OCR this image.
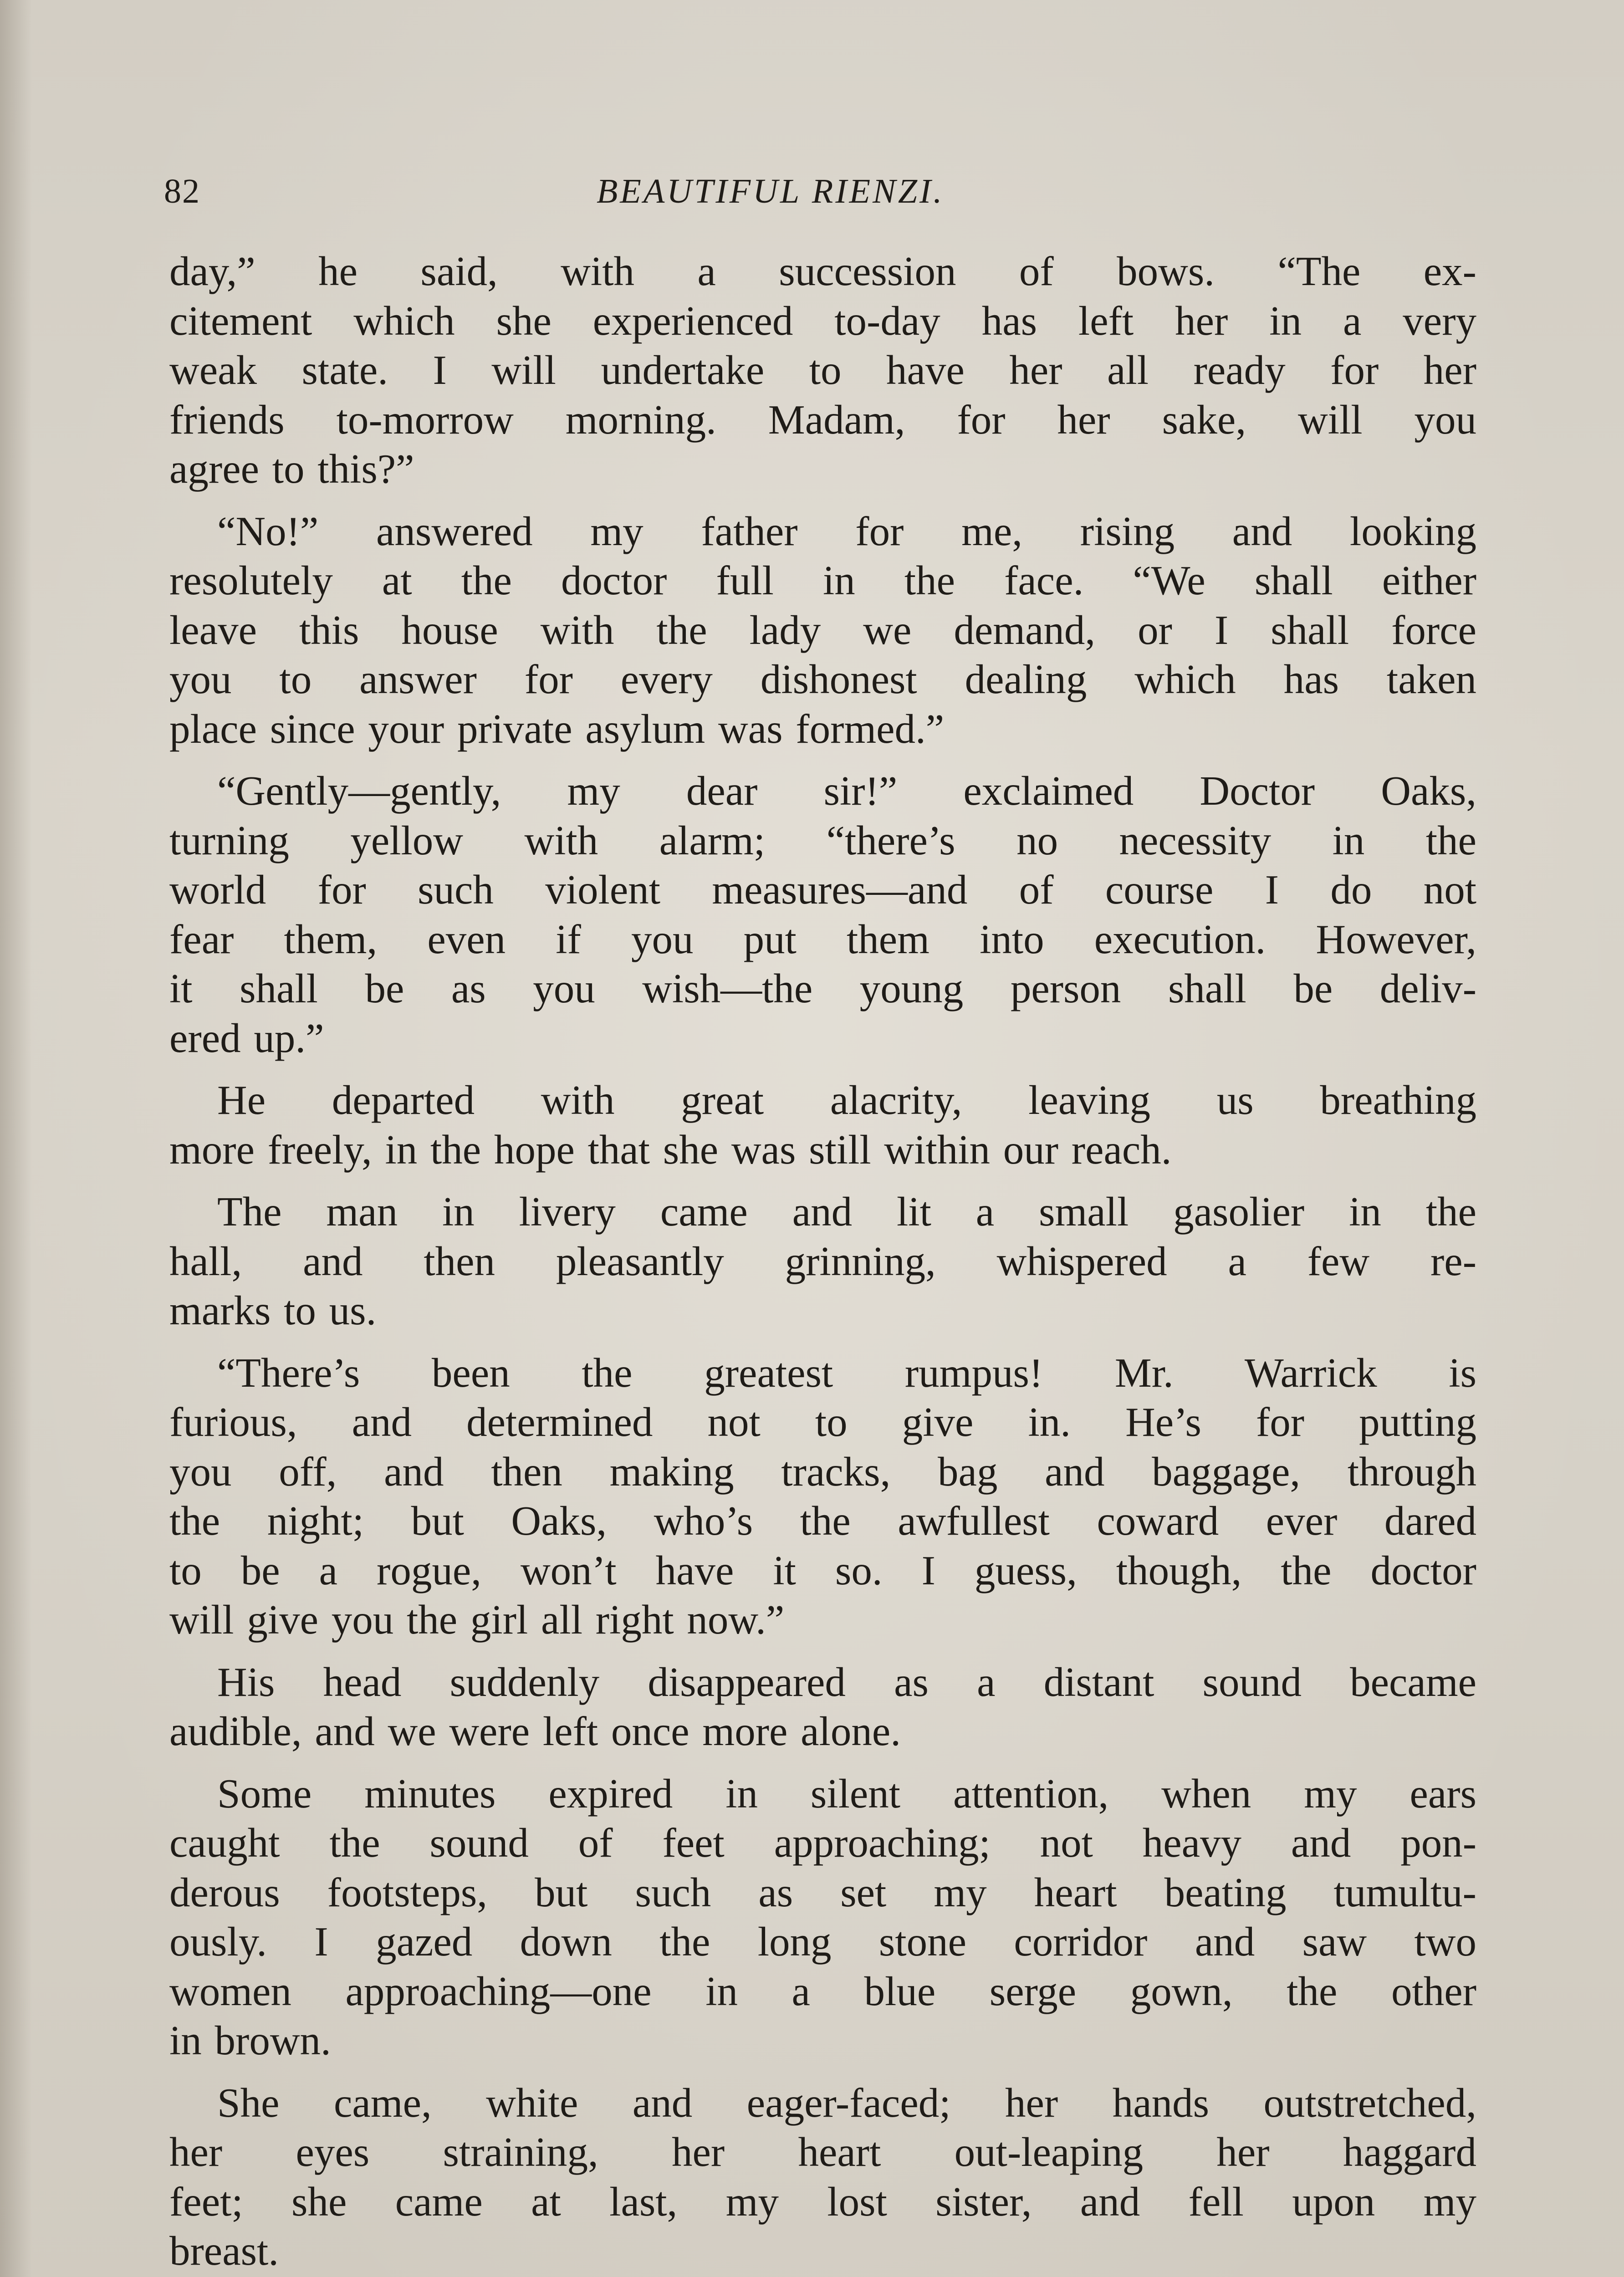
82	BEAUTIFUL RIENZI.

day,” he said, with a succession of bows. “The ex-
citement which she experienced to-day has left her in a very
weak state. I will undertake to have her all ready for her
friends to-morrow morning. Madam, for her sake, will you
agree to this?”

“No!” answered my father for me, rising and looking
resolutely at the doctor full in the face. “We shall either
leave this house with the lady we demand, or I shall force
you to answer for every dishonest dealing which has taken
place since your private asylum was formed.”

“Gently—gently, my dear sir!” exclaimed Doctor Oaks,
turning yellow with alarm; “there’s no necessity in the
world for such violent measures—and of course I do not
fear them, even if you put them into execution. However,
it shall be as you wish—the young person shall be deliv-
ered up.”

He departed with great alacrity, leaving us breathing
more freely, in the hope that she was still within our reach.

The man in livery came and lit a small gasolier in the
hall, and then pleasantly grinning, whispered a few re-
marks to us.

“There’s been the greatest rumpus! Mr. Warrick is
furious, and determined not to give in. He’s for putting
you off, and then making tracks, bag and baggage, through
the night; but Oaks, who’s the awfullest coward ever dared
to be a rogue, won’t have it so. I guess, though, the doctor
will give you the girl all right now.”

His head suddenly disappeared as a distant sound became
audible, and we were left once more alone.

Some minutes expired in silent attention, when my ears
caught the sound of feet approaching; not heavy and pon-
derous footsteps, but such as set my heart beating tumultu-
ously. I gazed down the long stone corridor and saw two
women approaching—one in a blue serge gown, the other
in brown.

She came, white and eager-faced; her hands outstretched,
her eyes straining, her heart out-leaping her haggard
feet; she came at last, my lost sister, and fell upon my
breast.
